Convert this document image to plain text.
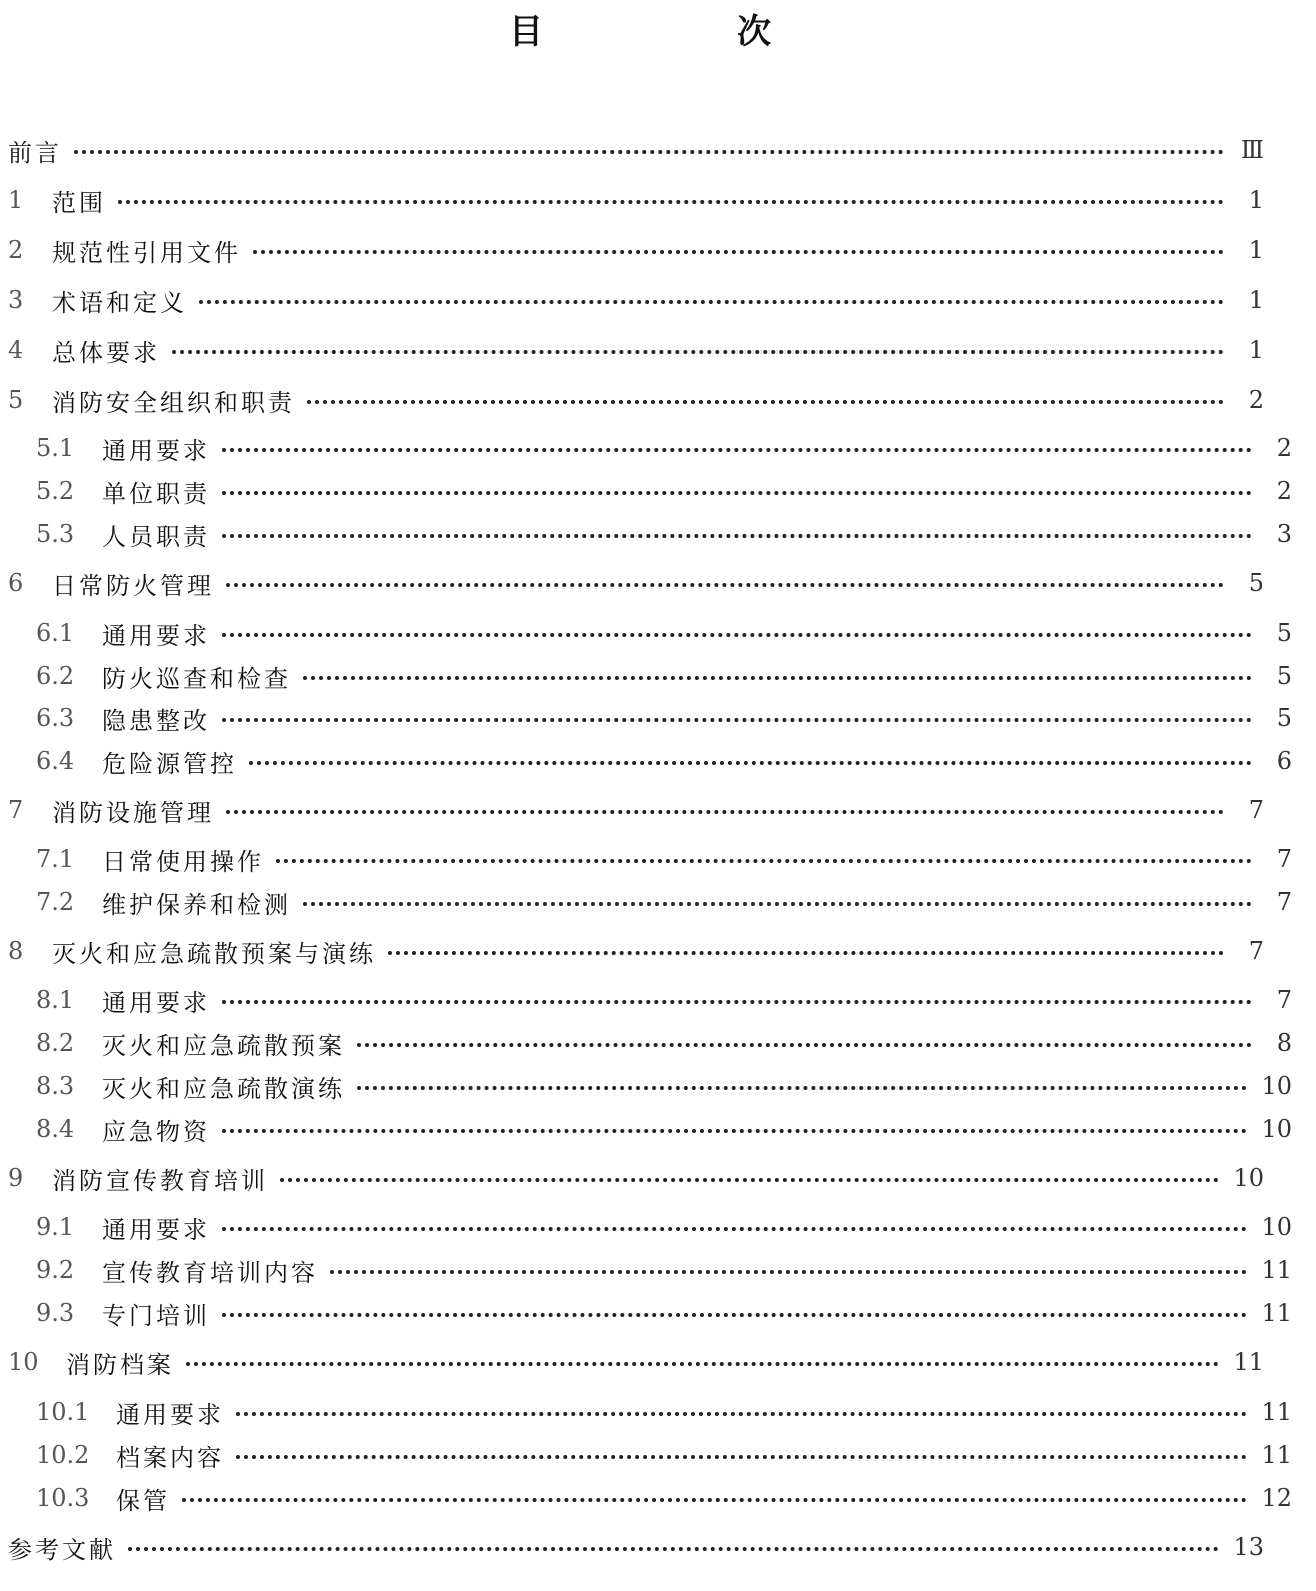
目　次
前言	Ⅲ
1	范围	1
2	规范性引用文件	1
3	术语和定义	1
4	总体要求	1
5	消防安全组织和职责	2
5.1	通用要求	2
5.2	单位职责	2
5.3	人员职责	3
6	日常防火管理	5
6.1	通用要求	5
6.2	防火巡查和检查	5
6.3	隐患整改	5
6.4	危险源管控	6
7	消防设施管理	7
7.1	日常使用操作	7
7.2	维护保养和检测	7
8	灭火和应急疏散预案与演练	7
8.1	通用要求	7
8.2	灭火和应急疏散预案	8
8.3	灭火和应急疏散演练	10
8.4	应急物资	10
9	消防宣传教育培训	10
9.1	通用要求	10
9.2	宣传教育培训内容	11
9.3	专门培训	11
10	消防档案	11
10.1	通用要求	11
10.2	档案内容	11
10.3	保管	12
参考文献	13
